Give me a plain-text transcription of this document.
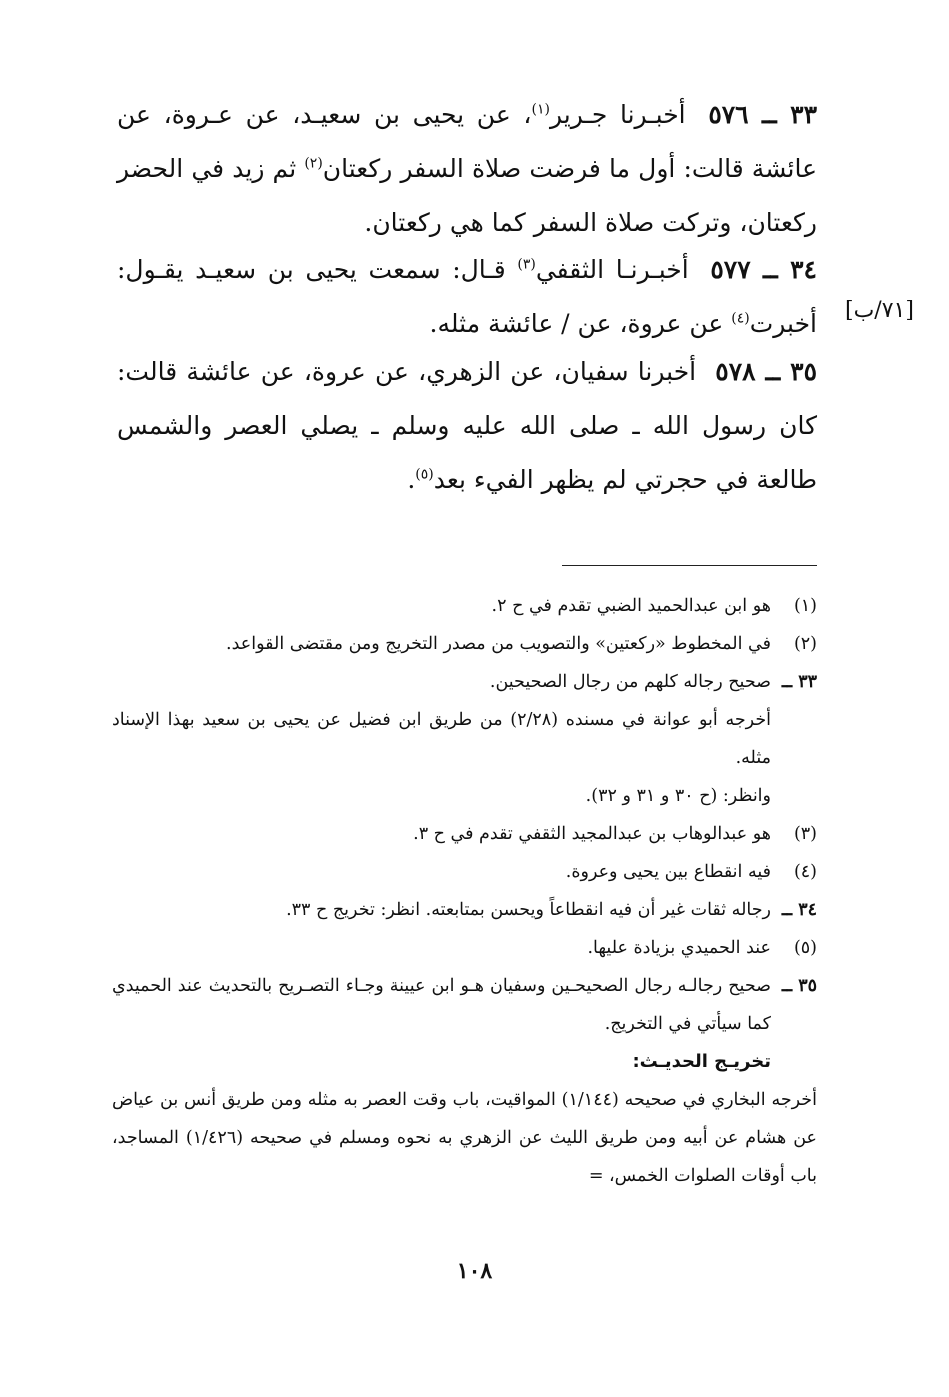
٣٣ ــ ٥٧٦ أخبـرنا جـرير$^{(١)}$، عن يحيى بن سعيـد، عن عـروة، عن عائشة قالت: أول ما فرضت صلاة السفر ركعتان$^{(٢)}$ ثم زيد في الحضر ركعتان، وتركت صلاة السفر كما هي ركعتان.

٣٤ ــ ٥٧٧ أخبـرنـا الثقفي$^{(٣)}$ قـال: سمعت يحيى بن سعيـد يقـول: أخبرت$^{(٤)}$ عن عروة، عن / عائشة مثله.	[٧١/ب]

٣٥ ــ ٥٧٨ أخبرنا سفيان، عن الزهري، عن عروة، عن عائشة قالت: كان رسول الله ـ صلى الله عليه وسلم ـ يصلي العصر والشمس طالعة في حجرتي لم يظهر الفيء بعد$^{(٥)}$.

(١)
هو ابن عبدالحميد الضبي تقدم في ح ٢.
(٢)
في المخطوط «ركعتين» والتصويب من مصدر التخريج ومن مقتضى القواعد.
٣٣ ــ
صحيح رجاله كلهم من رجال الصحيحين.
أخرجه أبو عوانة في مسنده (٢/٢٨) من طريق ابن فضيل عن يحيى بن سعيد بهذا الإسناد مثله.
وانظر: (ح ٣٠ و ٣١ و ٣٢).
(٣)
هو عبدالوهاب بن عبدالمجيد الثقفي تقدم في ح ٣.
(٤)
فيه انقطاع بين يحيى وعروة.
٣٤ ــ
رجاله ثقات غير أن فيه انقطاعاً ويحسن بمتابعته. انظر: تخريج ح ٣٣.
(٥)
عند الحميدي بزيادة عليها.
٣٥ ــ
صحيح رجالـه رجال الصحيحـين وسفيان هـو ابن عيينة وجـاء التصـريح بالتحديث عند الحميدي كما سيأتي في التخريج.
تخريـج الحديـث:
أخرجه البخاري في صحيحه (١/١٤٤) المواقيت، باب وقت العصر به مثله ومن طريق أنس بن عياض عن هشام عن أبيه ومن طريق الليث عن الزهري به نحوه ومسلم في صحيحه (١/٤٢٦) المساجد، باب أوقات الصلوات الخمس، =
١٠٨
